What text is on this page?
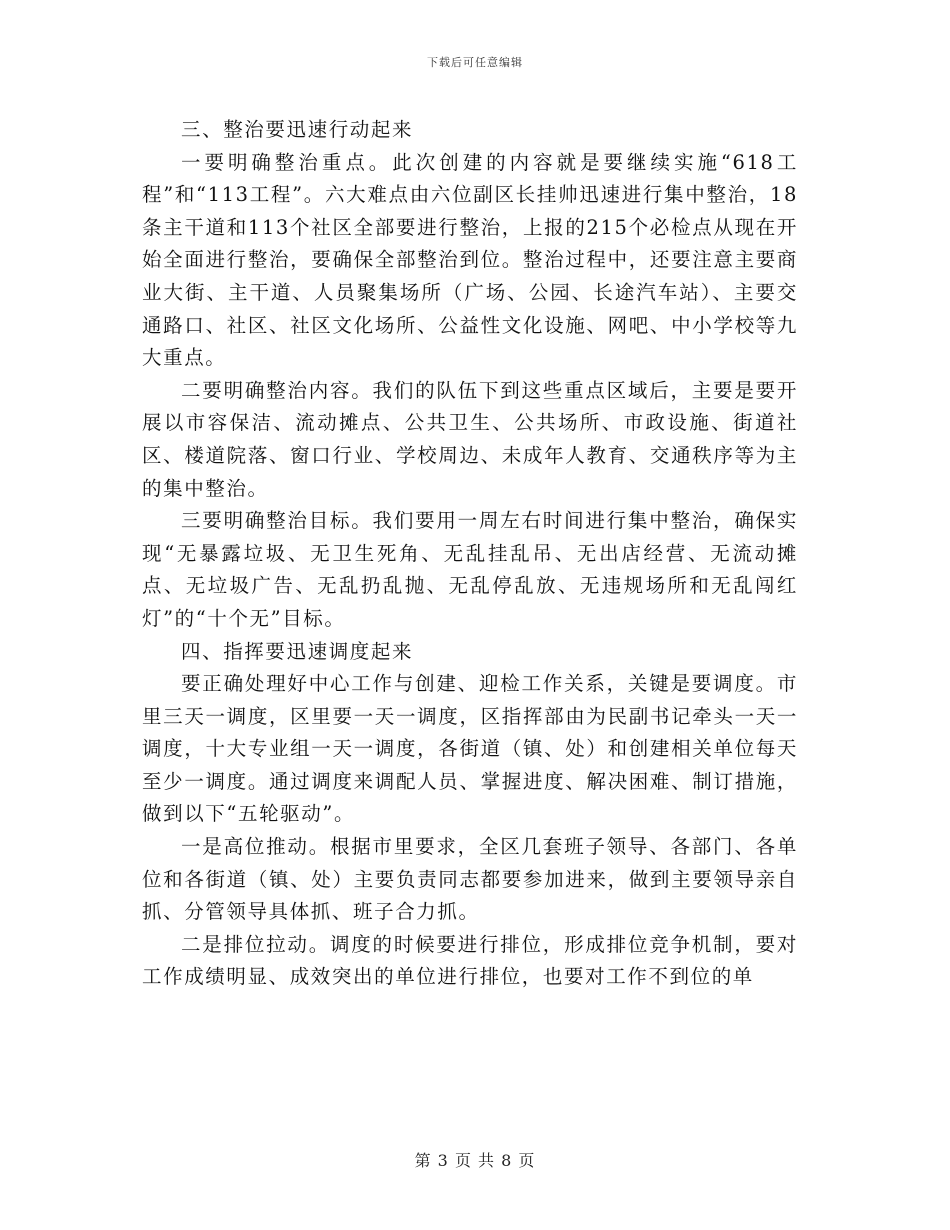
下载后可任意编辑

三、整治要迅速行动起来

一要明确整治重点。此次创建的内容就是要继续实施“618工程”和“113工程”。六大难点由六位副区长挂帅迅速进行集中整治，18条主干道和113个社区全部要进行整治，上报的215个必检点从现在开始全面进行整治，要确保全部整治到位。整治过程中，还要注意主要商业大街、主干道、人员聚集场所（广场、公园、长途汽车站）、主要交通路口、社区、社区文化场所、公益性文化设施、网吧、中小学校等九大重点。

二要明确整治内容。我们的队伍下到这些重点区域后，主要是要开展以市容保洁、流动摊点、公共卫生、公共场所、市政设施、街道社区、楼道院落、窗口行业、学校周边、未成年人教育、交通秩序等为主的集中整治。

三要明确整治目标。我们要用一周左右时间进行集中整治，确保实现“无暴露垃圾、无卫生死角、无乱挂乱吊、无出店经营、无流动摊点、无垃圾广告、无乱扔乱抛、无乱停乱放、无违规场所和无乱闯红灯”的“十个无”目标。

四、指挥要迅速调度起来

要正确处理好中心工作与创建、迎检工作关系，关键是要调度。市里三天一调度，区里要一天一调度，区指挥部由为民副书记牵头一天一调度，十大专业组一天一调度，各街道（镇、处）和创建相关单位每天至少一调度。通过调度来调配人员、掌握进度、解决困难、制订措施，做到以下“五轮驱动”。

一是高位推动。根据市里要求，全区几套班子领导、各部门、各单位和各街道（镇、处）主要负责同志都要参加进来，做到主要领导亲自抓、分管领导具体抓、班子合力抓。

二是排位拉动。调度的时候要进行排位，形成排位竞争机制，要对工作成绩明显、成效突出的单位进行排位，也要对工作不到位的单

第 3 页 共 8 页
